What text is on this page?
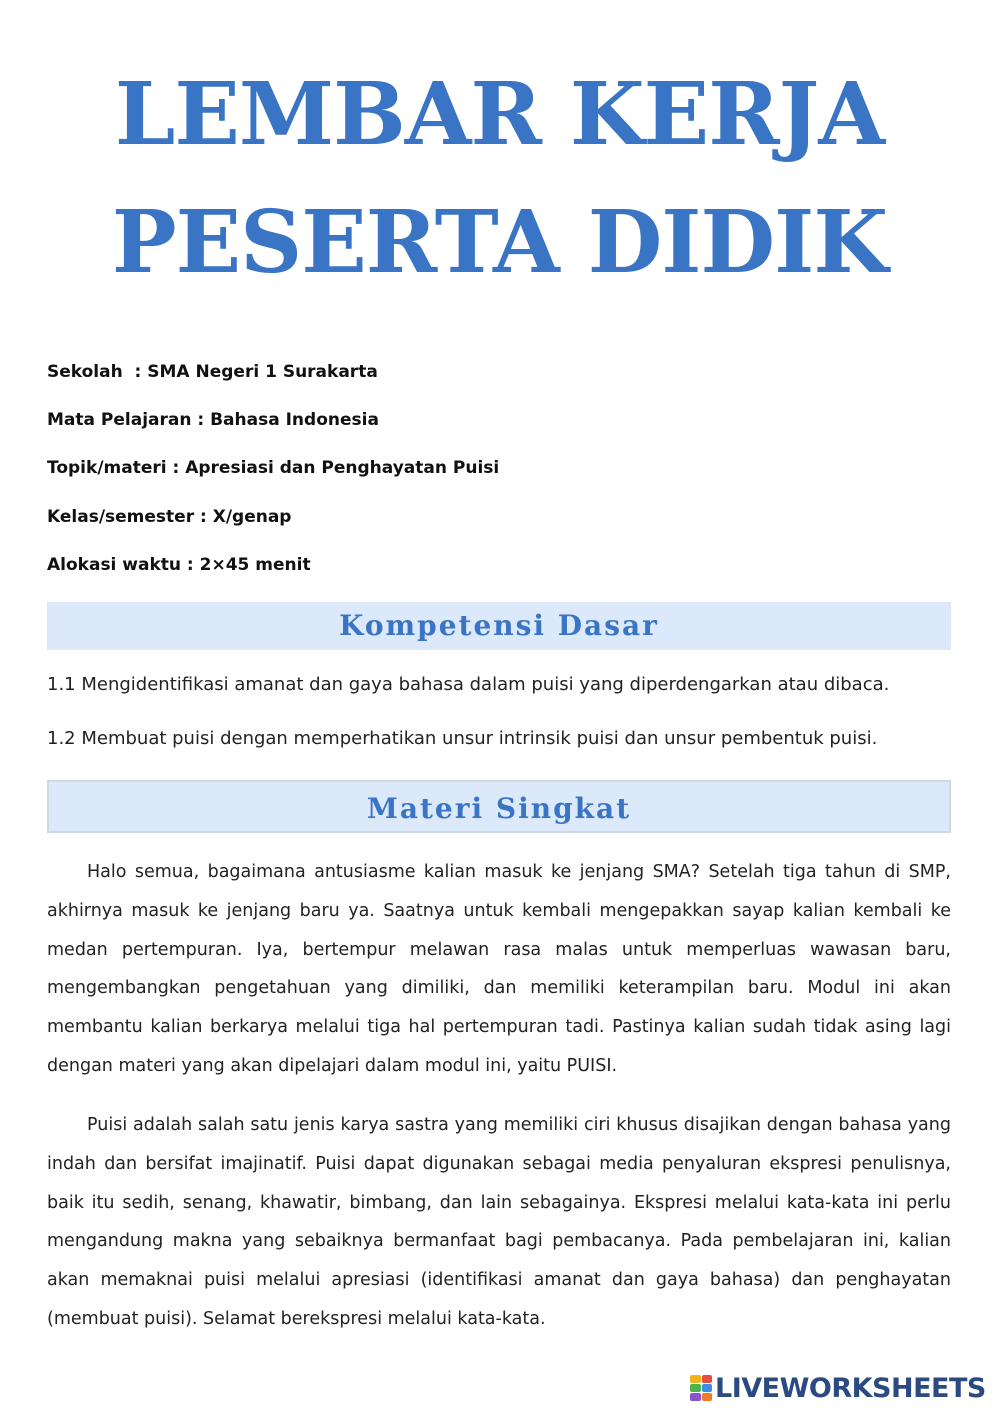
LEMBAR KERJA
PESERTA DIDIK
Sekolah  : SMA Negeri 1 Surakarta
Mata Pelajaran : Bahasa Indonesia
Topik/materi : Apresiasi dan Penghayatan Puisi
Kelas/semester : X/genap
Alokasi waktu : 2×45 menit
Kompetensi Dasar
1.1 Mengidentifikasi amanat dan gaya bahasa dalam puisi yang diperdengarkan atau dibaca.
1.2 Membuat puisi dengan memperhatikan unsur intrinsik puisi dan unsur pembentuk puisi.
Materi Singkat

Halo semua, bagaimana antusiasme kalian masuk ke jenjang SMA? Setelah tiga tahun di SMP, akhirnya masuk ke jenjang baru ya. Saatnya untuk kembali mengepakkan sayap kalian kembali ke medan pertempuran. Iya, bertempur melawan rasa malas untuk memperluas wawasan baru, mengembangkan pengetahuan yang dimiliki, dan memiliki keterampilan baru. Modul ini akan membantu kalian berkarya melalui tiga hal pertempuran tadi. Pastinya kalian sudah tidak asing lagi dengan materi yang akan dipelajari dalam modul ini, yaitu PUISI.

Puisi adalah salah satu jenis karya sastra yang memiliki ciri khusus disajikan dengan bahasa yang indah dan bersifat imajinatif. Puisi dapat digunakan sebagai media penyaluran ekspresi penulisnya, baik itu sedih, senang, khawatir, bimbang, dan lain sebagainya. Ekspresi melalui kata-kata ini perlu mengandung makna yang sebaiknya bermanfaat bagi pembacanya. Pada pembelajaran ini, kalian akan memaknai puisi melalui apresiasi (identifikasi amanat dan gaya bahasa) dan penghayatan (membuat puisi). Selamat berekspresi melalui kata-kata.

LIVEWORKSHEETS
